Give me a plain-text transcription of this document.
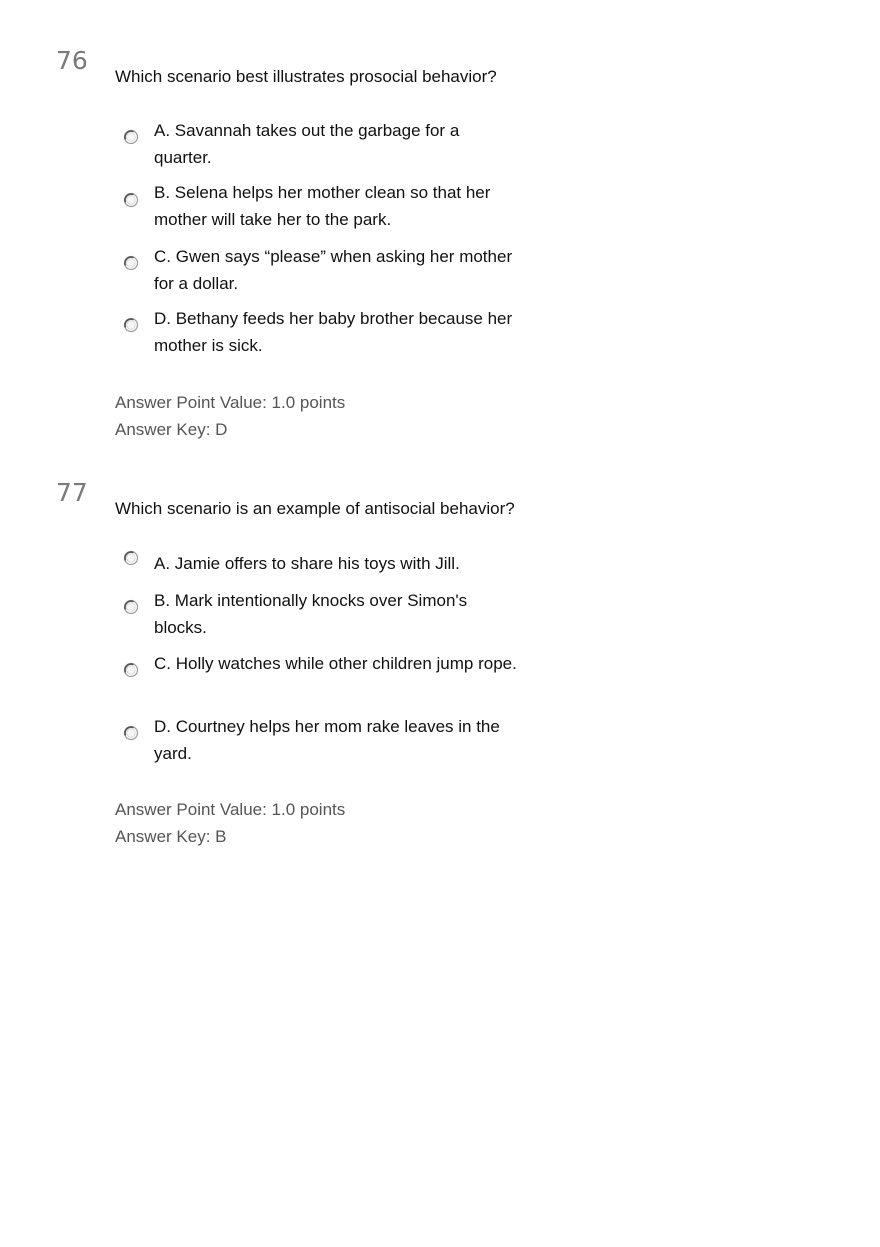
76
Which scenario best illustrates prosocial behavior?
A. Savannah takes out the garbage for a quarter.
B. Selena helps her mother clean so that her mother will take her to the park.
C. Gwen says “please” when asking her mother for a dollar.
D. Bethany feeds her baby brother because her mother is sick.
Answer Point Value: 1.0 points
Answer Key: D
77
Which scenario is an example of antisocial behavior?
A. Jamie offers to share his toys with Jill.
B. Mark intentionally knocks over Simon's blocks.
C. Holly watches while other children jump rope.
D. Courtney helps her mom rake leaves in the yard.
Answer Point Value: 1.0 points
Answer Key: B
